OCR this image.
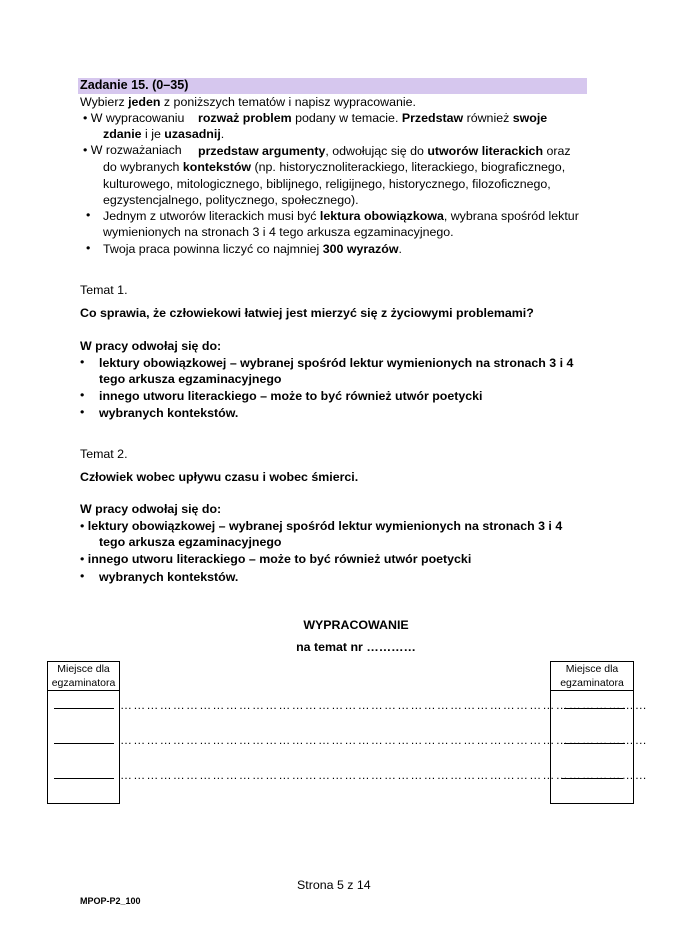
Zadanie 15. (0–35)
Wybierz jeden z poniższych tematów i napisz wypracowanie.
• W wypracowaniu rozważ problem podany w temacie. Przedstaw również swoje
zdanie i je uzasadnij.
• W rozważaniach przedstaw argumenty, odwołując się do utworów literackich oraz
do wybranych kontekstów (np. historycznoliterackiego, literackiego, biograficznego,
kulturowego, mitologicznego, biblijnego, religijnego, historycznego, filozoficznego,
egzystencjalnego, politycznego, społecznego).
• Jednym z utworów literackich musi być lektura obowiązkowa, wybrana spośród lektur
wymienionych na stronach 3 i 4 tego arkusza egzaminacyjnego.
• Twoja praca powinna liczyć co najmniej 300 wyrazów.
Temat 1.
Co sprawia, że człowiekowi łatwiej jest mierzyć się z życiowymi problemami?
W pracy odwołaj się do:
• lektury obowiązkowej – wybranej spośród lektur wymienionych na stronach 3 i 4
tego arkusza egzaminacyjnego
• innego utworu literackiego – może to być również utwór poetycki
• wybranych kontekstów.
Temat 2.
Człowiek wobec upływu czasu i wobec śmierci.
W pracy odwołaj się do:
• lektury obowiązkowej – wybranej spośród lektur wymienionych na stronach 3 i 4
tego arkusza egzaminacyjnego
• innego utworu literackiego – może to być również utwór poetycki
• wybranych kontekstów.
WYPRACOWANIE
na temat nr …………
Miejsce dla
egzaminatora
Miejsce dla
egzaminatora
…………………………………………………………………………………………………………
…………………………………………………………………………………………………………
…………………………………………………………………………………………………………
Strona 5 z 14
MPOP-P2_100
